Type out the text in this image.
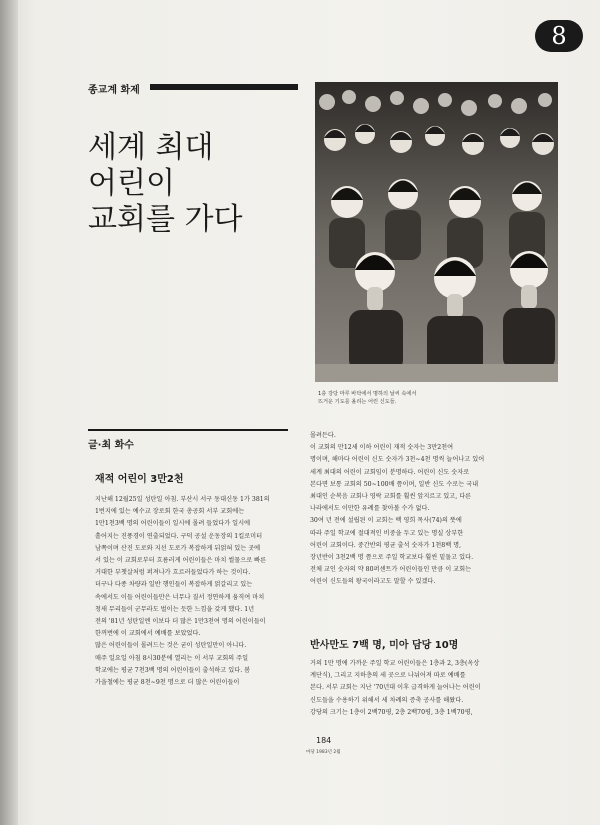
8
종교계 화제
세계 최대
어린이
교회를 가다
1층 강당 마루 바닥에서 명하의 날씨 속에서
뜨거운 기도를 올리는 어린 신도들.
글·최 화수
재적 어린이 3만2천

지난해 12월25일 성탄일 아침. 부산시 서구 동대신동 1가 381의

1번지에 있는 예수교 장로회 한국 총공회 서부 교회에는

1만1천3백 명의 어린이들이 일시에 몰려 들었다가 일시에

흩어지는 진풍경이 연출되었다. 구덕 공설 운동장의 1킬로미터

남쪽이며 산진 도로와 지선 도로가 복잡하게 뒤얽혀 있는 곳에

서 있는 이 교회로부터 흐름러게 어린이들은 마치 썰물으로 빠른

거대한 부챗살처럼 퍼져나가 흐르러들었다가 하는 것이다.

더구나 다종 차량과 일반 행인들이 복잡하게 얽갈리고 있는

속에서도 이들 어린이들만은 너무나 질서 정연하게 움직여 마치

청새 무리들이 군무라도 벌이는 듯한 느낌을 갖게 했다. 1년

전의 '81년 성탄일엔 이보다 더 많은 1만3천여 명의 어린이들이

한꺼번에 이 교회에서 예배를 보았었다.

많은 어린이들이 몰려드는 것은 굳이 성탄일만이 아니다.

매주 일요일 아침 8시30분에 열리는 이 서부 교회의 주일

학교에는 평균 7천3백 명의 어린이들이 출석하고 있다. 봄

가을철에는 평균 8천~9천 명으로 더 많은 어린이들이

몰려든다.

이 교회의 만12세 이하 어린이 재적 숫자는 3만2천여

명이며, 해마다 어린이 신도 숫자가 3천~4천 명씩 늘어나고 있어

세계 최대의 어린이 교회임이 분명하다. 어린이 신도 숫자로

본다면 보통 교회의 50~100배 쯤이며, 일반 신도 수로는 국내

최대인 순복음 교회나 영락 교회를 훨씬 앞지르고 있고, 다른

나라에서도 이만한 유례를 찾아볼 수가 없다.

30여 년 전에 설립된 이 교회는 백 영희 목사(74)의 뜻에

따라 주일 학교에 절대적인 비중을 두고 있는 명실 상부한

어린이 교회이다. 중간반의 평균 출석 숫자가 1천8백 명,

장년반이 3천2백 명 쯤으로 주일 학교보다 훨씬 밑돌고 있다.

전체 교인 숫자의 약 80퍼센트가 어린이들인 만큼 이 교회는

어린이 신도들의 왕국이라고도 말할 수 있겠다.

반사만도 7백 명, 미아 담당 10명

거의 1만 명에 가까운 주일 학교 어린이들은 1층과 2, 3층(옥상

계단식), 그리고 지하층의 세 곳으로 나뉘어져 따로 예배를

본다. 서부 교회는 지난 '70년대 이후 급격하게 늘어나는 어린이

신도들을 수용하기 위해서 세 차례의 증축 공사를 해왔다.

강당의 크기는 1층이 2백70평, 2층 2백70평, 3층 1백70평,

184
마당 1983년 2월
